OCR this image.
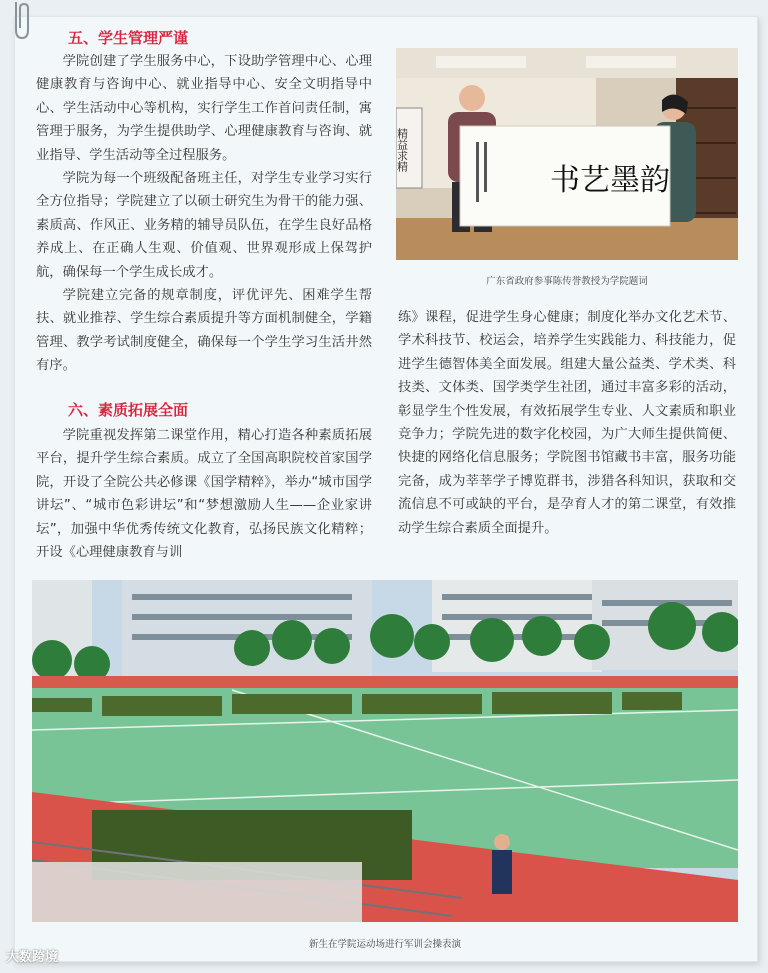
五、学生管理严谨

学院创建了学生服务中心，下设助学管理中心、心理健康教育与咨询中心、就业指导中心、安全文明指导中心、学生活动中心等机构，实行学生工作首问责任制，寓管理于服务，为学生提供助学、心理健康教育与咨询、就业指导、学生活动等全过程服务。

学院为每一个班级配备班主任，对学生专业学习实行全方位指导；学院建立了以硕士研究生为骨干的能力强、素质高、作风正、业务精的辅导员队伍，在学生良好品格养成上、在正确人生观、价值观、世界观形成上保驾护航，确保每一个学生成长成才。

学院建立完备的规章制度，评优评先、困难学生帮扶、就业推荐、学生综合素质提升等方面机制健全，学籍管理、教学考试制度健全，确保每一个学生学习生活井然有序。

六、素质拓展全面

学院重视发挥第二课堂作用，精心打造各种素质拓展平台，提升学生综合素质。成立了全国高职院校首家国学院，开设了全院公共必修课《国学精粹》，举办“城市国学讲坛”、“城市色彩讲坛”和“梦想激励人生——企业家讲坛”，加强中华优秀传统文化教育，弘扬民族文化精粹；开设《心理健康教育与训

练》课程，促进学生身心健康；制度化举办文化艺术节、学术科技节、校运会，培养学生实践能力、科技能力，促进学生德智体美全面发展。组建大量公益类、学术类、科技类、文体类、国学类学生社团，通过丰富多彩的活动，彰显学生个性发展，有效拓展学生专业、人文素质和职业竞争力；学院先进的数字化校园，为广大师生提供简便、快捷的网络化信息服务；学院图书馆藏书丰富，服务功能完备，成为莘莘学子博览群书，涉猎各科知识，获取和交流信息不可或缺的平台，是孕育人才的第二课堂，有效推动学生综合素质全面提升。

精益求精
书艺墨韵
广东省政府参事陈传誉教授为学院题词
新生在学院运动场进行军训会操表演
大数跨境
